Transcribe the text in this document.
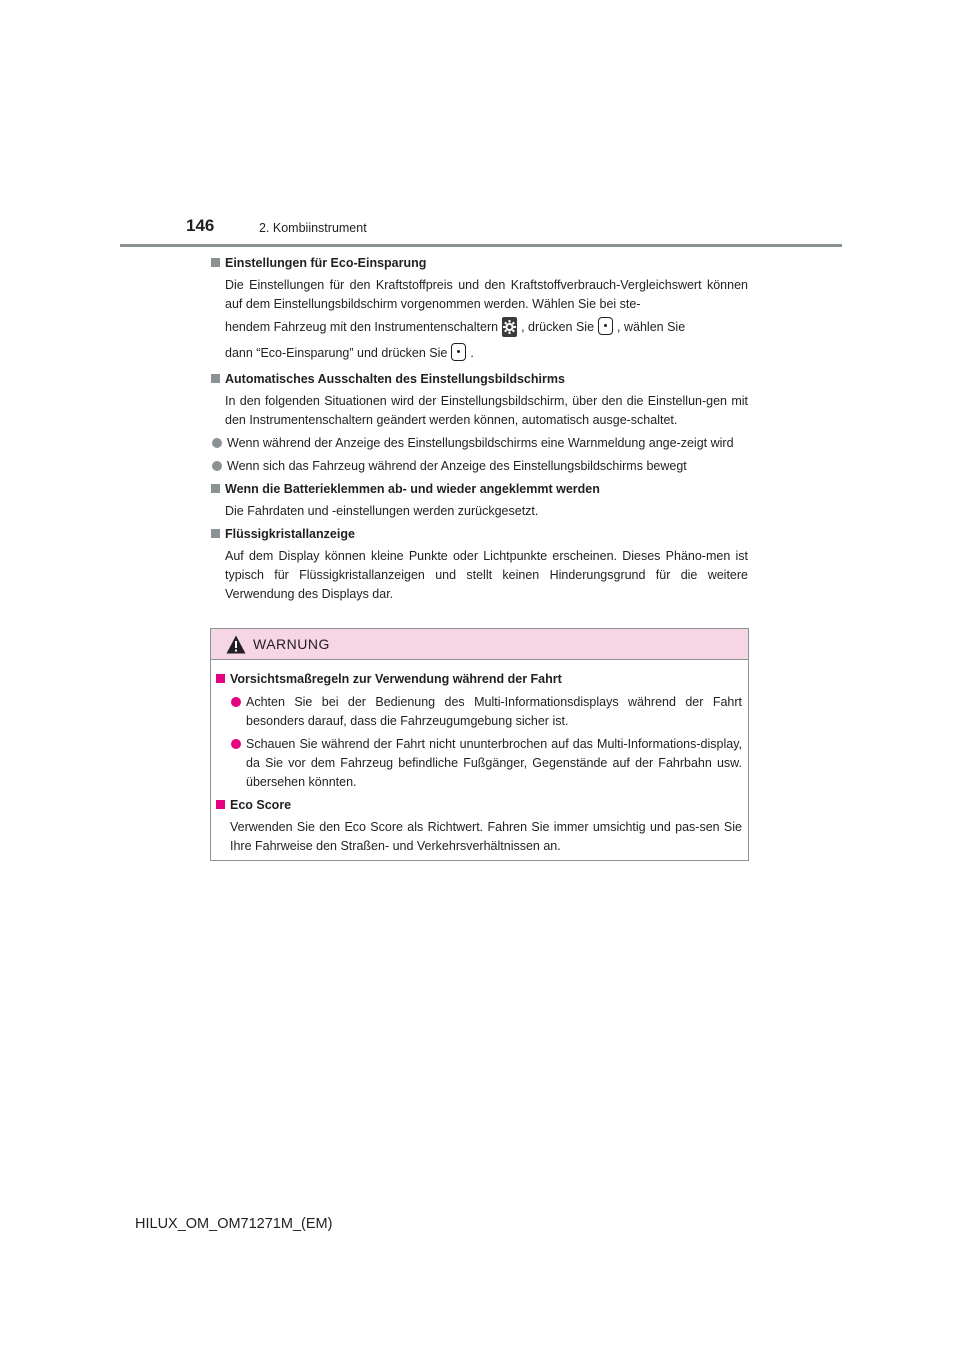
146	2. Kombiinstrument
Einstellungen für Eco-Einsparung
Die Einstellungen für den Kraftstoffpreis und den Kraftstoffverbrauch-Vergleichswert können auf dem Einstellungsbildschirm vorgenommen werden. Wählen Sie bei ste-
hendem Fahrzeug mit den Instrumentenschaltern , drücken Sie , wählen Sie
dann “Eco-Einsparung” und drücken Sie .
Automatisches Ausschalten des Einstellungsbildschirms
In den folgenden Situationen wird der Einstellungsbildschirm, über den die Einstellun-gen mit den Instrumentenschaltern geändert werden können, automatisch ausge-schaltet.
Wenn während der Anzeige des Einstellungsbildschirms eine Warnmeldung ange-zeigt wird
Wenn sich das Fahrzeug während der Anzeige des Einstellungsbildschirms bewegt
Wenn die Batterieklemmen ab- und wieder angeklemmt werden
Die Fahrdaten und -einstellungen werden zurückgesetzt.
Flüssigkristallanzeige
Auf dem Display können kleine Punkte oder Lichtpunkte erscheinen. Dieses Phäno-men ist typisch für Flüssigkristallanzeigen und stellt keinen Hinderungsgrund für die weitere Verwendung des Displays dar.
WARNUNG
Vorsichtsmaßregeln zur Verwendung während der Fahrt
Achten Sie bei der Bedienung des Multi-Informationsdisplays während der Fahrt besonders darauf, dass die Fahrzeugumgebung sicher ist.
Schauen Sie während der Fahrt nicht ununterbrochen auf das Multi-Informations-display, da Sie vor dem Fahrzeug befindliche Fußgänger, Gegenstände auf der Fahrbahn usw. übersehen könnten.
Eco Score
Verwenden Sie den Eco Score als Richtwert. Fahren Sie immer umsichtig und pas-sen Sie Ihre Fahrweise den Straßen- und Verkehrsverhältnissen an.
HILUX_OM_OM71271M_(EM)
